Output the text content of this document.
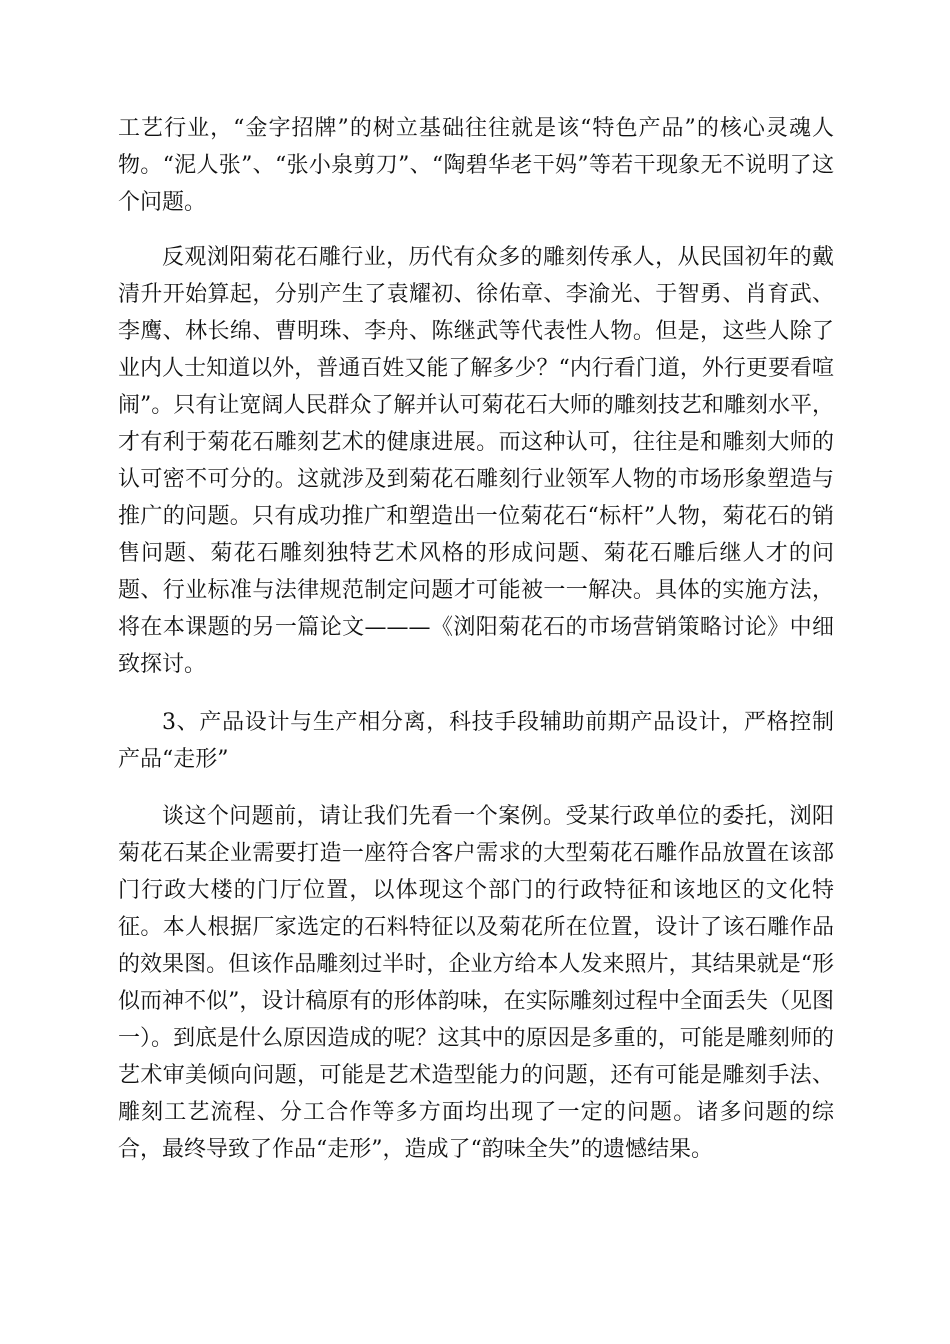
工艺行业，“金字招牌”的树立基础往往就是该“特色产品”的核心灵魂人物。“泥人张”、“张小泉剪刀”、“陶碧华老干妈”等若干现象无不说明了这个问题。

反观浏阳菊花石雕行业，历代有众多的雕刻传承人，从民国初年的戴清升开始算起，分别产生了袁耀初、徐佑章、李渝光、于智勇、肖育武、李鹰、林长绵、曹明珠、李舟、陈继武等代表性人物。但是，这些人除了业内人士知道以外，普通百姓又能了解多少？“内行看门道，外行更要看喧闹”。只有让宽阔人民群众了解并认可菊花石大师的雕刻技艺和雕刻水平，才有利于菊花石雕刻艺术的健康进展。而这种认可，往往是和雕刻大师的认可密不可分的。这就涉及到菊花石雕刻行业领军人物的市场形象塑造与推广的问题。只有成功推广和塑造出一位菊花石“标杆”人物，菊花石的销售问题、菊花石雕刻独特艺术风格的形成问题、菊花石雕后继人才的问题、行业标准与法律规范制定问题才可能被一一解决。具体的实施方法，将在本课题的另一篇论文———《浏阳菊花石的市场营销策略讨论》中细致探讨。

3、产品设计与生产相分离，科技手段辅助前期产品设计，严格控制产品“走形”

谈这个问题前，请让我们先看一个案例。受某行政单位的委托，浏阳菊花石某企业需要打造一座符合客户需求的大型菊花石雕作品放置在该部门行政大楼的门厅位置，以体现这个部门的行政特征和该地区的文化特征。本人根据厂家选定的石料特征以及菊花所在位置，设计了该石雕作品的效果图。但该作品雕刻过半时，企业方给本人发来照片，其结果就是“形似而神不似”，设计稿原有的形体韵味，在实际雕刻过程中全面丢失（见图一）。到底是什么原因造成的呢？这其中的原因是多重的，可能是雕刻师的艺术审美倾向问题，可能是艺术造型能力的问题，还有可能是雕刻手法、雕刻工艺流程、分工合作等多方面均出现了一定的问题。诸多问题的综合，最终导致了作品“走形”，造成了“韵味全失”的遗憾结果。
